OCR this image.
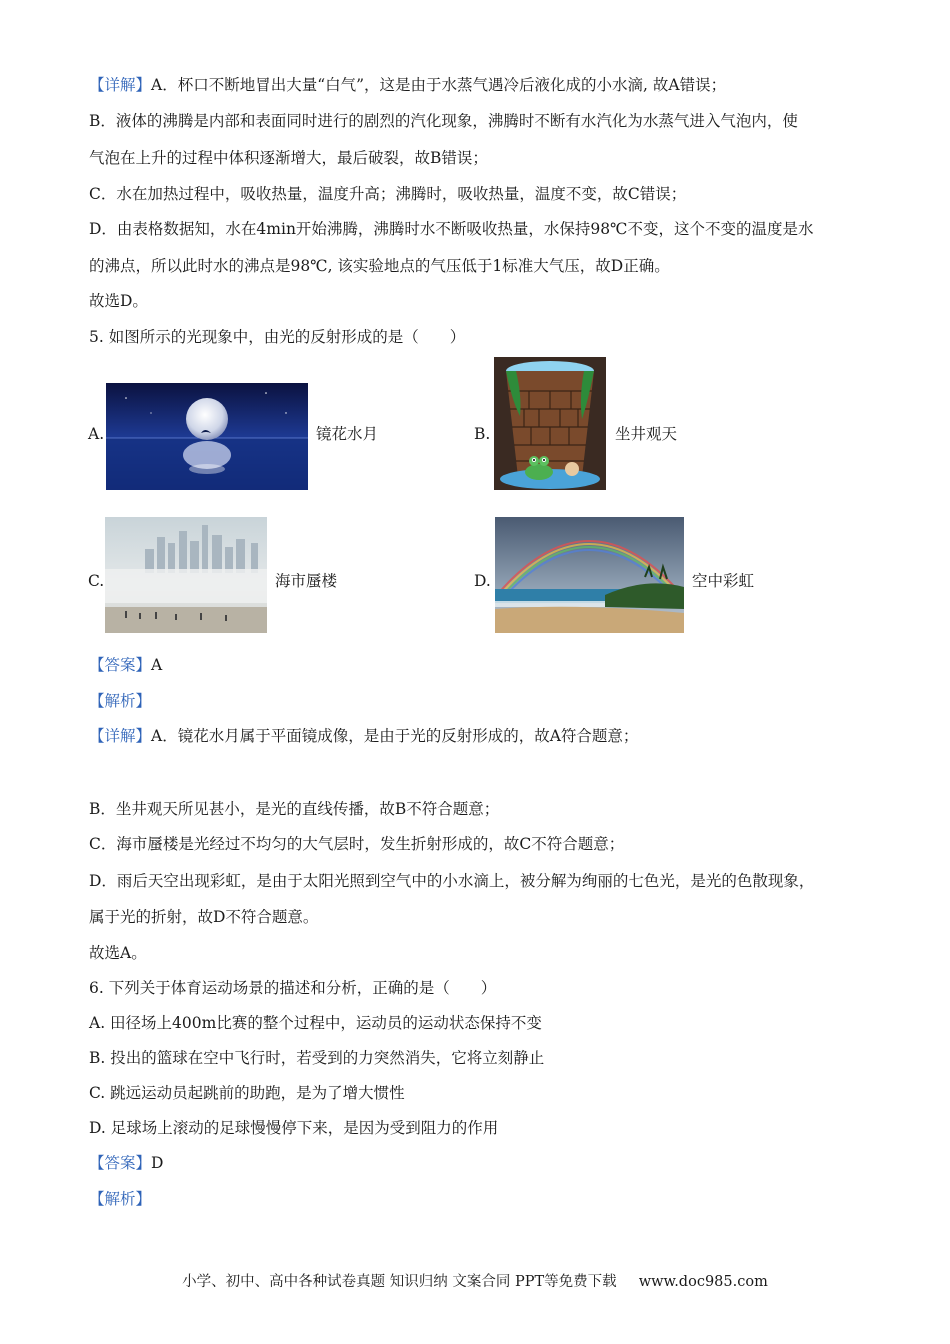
【详解】A．杯口不断地冒出大量“白气”，这是由于水蒸气遇冷后液化成的小水滴, 故A错误；
B．液体的沸腾是内部和表面同时进行的剧烈的汽化现象，沸腾时不断有水汽化为水蒸气进入气泡内，使
气泡在上升的过程中体积逐渐增大，最后破裂，故B错误；
C．水在加热过程中，吸收热量，温度升高；沸腾时，吸收热量，温度不变，故C错误；
D．由表格数据知，水在4min开始沸腾，沸腾时水不断吸收热量，水保持98℃不变，这个不变的温度是水
的沸点，所以此时水的沸点是98℃, 该实验地点的气压低于1标准大气压，故D正确。
故选D。
5. 如图所示的光现象中，由光的反射形成的是（　　）
A.	镜花水月	B.	坐井观天
C.	海市蜃楼	D.	空中彩虹
【答案】A
【解析】
【详解】A．镜花水月属于平面镜成像，是由于光的反射形成的，故A符合题意；
B．坐井观天所见甚小，是光的直线传播，故B不符合题意；
C．海市蜃楼是光经过不均匀的大气层时，发生折射形成的，故C不符合题意；
D．雨后天空出现彩虹，是由于太阳光照到空气中的小水滴上，被分解为绚丽的七色光，是光的色散现象，
属于光的折射，故D不符合题意。
故选A。
6. 下列关于体育运动场景的描述和分析，正确的是（　　）
A. 田径场上400m比赛的整个过程中，运动员的运动状态保持不变
B. 投出的篮球在空中飞行时，若受到的力突然消失，它将立刻静止
C. 跳远运动员起跳前的助跑，是为了增大惯性
D. 足球场上滚动的足球慢慢停下来，是因为受到阻力的作用
【答案】D
【解析】
小学、初中、高中各种试卷真题 知识归纳 文案合同 PPT等免费下载 www.doc985.com
